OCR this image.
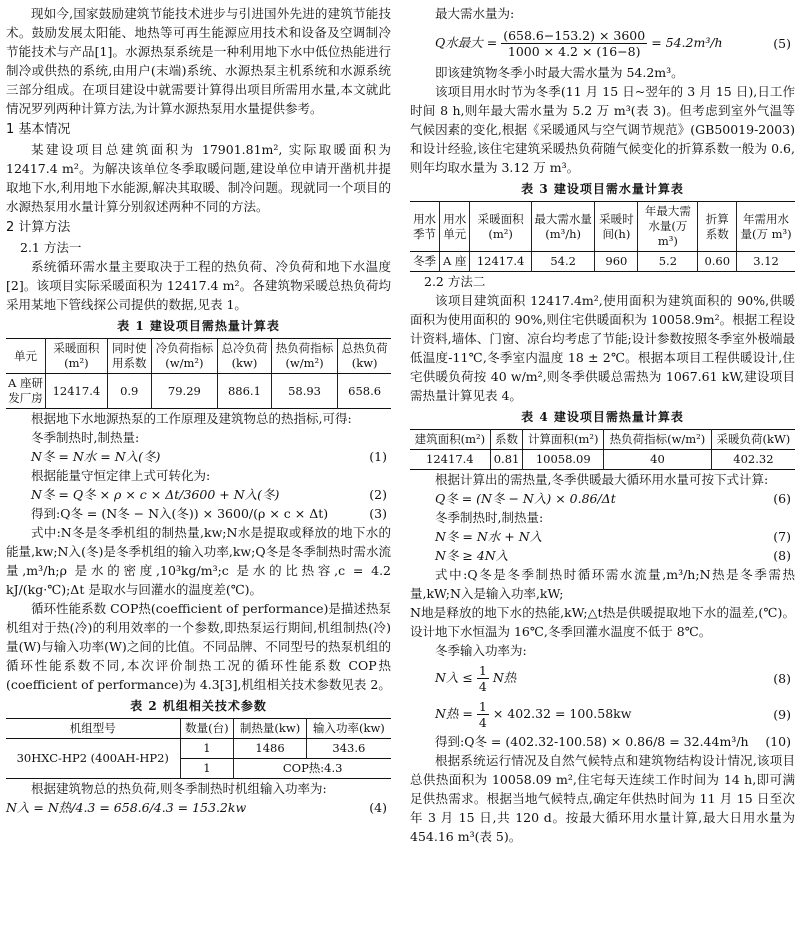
现如今,国家鼓励建筑节能技术进步与引进国外先进的建筑节能技术。鼓励发展太阳能、地热等可再生能源应用技术和设备及空调制冷节能技术与产品[1]。水源热泵系统是一种利用地下水中低位热能进行制冷或供热的系统,由用户(末端)系统、水源热泵主机系统和水源系统三部分组成。在项目建设中就需要计算得出项目所需用水量,本文就此情况罗列两种计算方法,为计算水源热泵用水量提供参考。

1 基本情况

某建设项目总建筑面积为 17901.81m², 实际取暖面积为 12417.4 m²。为解决该单位冬季取暖问题,建设单位申请开凿机井提取地下水,利用地下水能源,解决其取暖、制冷问题。现就同一个项目的水源热泵用水量计算分别叙述两种不同的方法。

2 计算方法
2.1 方法一

系统循环需水量主要取决于工程的热负荷、冷负荷和地下水温度[2]。该项目实际采暖面积为 12417.4 m²。各建筑物采暖总热负荷均采用某地下管线探公司提供的数据,见表 1。

表 1 建设项目需热量计算表
单元	采暖面积(m²)	同时使用系数	冷负荷指标(w/m²)	总冷负荷(kw)	热负荷指标(w/m²)	总热负荷(kw)
A 座研发厂房	12417.4	0.9	79.29	886.1	58.93	658.6

根据地下水地源热泵的工作原理及建筑物总的热指标,可得:

冬季制热时,制热量:

N冬 = N水 = N入(冬)	(1)

根据能量守恒定律上式可转化为:

N冬 = Q冬 × ρ × c × Δt/3600 + N入(冬)	(2)
得到:Q冬 = (N冬 − N入(冬)) × 3600/(ρ × c × Δt)	(3)

式中:N冬是冬季机组的制热量,kw;N水是提取或释放的地下水的能量,kw;N入(冬)是冬季机组的输入功率,kw;Q冬是冬季制热时需水流量,m³/h;ρ 是水的密度,10³kg/m³;c 是水的比热容,c = 4.2 kJ/(kg·℃);Δt 是取水与回灌水的温度差(℃)。

循环性能系数 COP热(coefficient of performance)是描述热泵机组对于热(冷)的利用效率的一个参数,即热泵运行期间,机组制热(冷)量(W)与输入功率(W)之间的比值。不同品牌、不同型号的热泵机组的循环性能系数不同,本次评价制热工况的循环性能系数 COP热(coefficient of performance)为 4.3[3],机组相关技术参数见表 2。

表 2 机组相关技术参数
机组型号	数量(台)	制热量(kw)	输入功率(kw)
30HXC-HP2 (400AH-HP2)	1	1486	343.6
	1	COP热:4.3	

根据建筑物总的热负荷,则冬季制热时机组输入功率为:

N入 = N热/4.3 = 658.6/4.3 = 153.2kw	(4)

最大需水量为:

Q水最大 = $\frac{(658.6-153.2) \times 3600}{1000 \times 4.2 \times (16-8)} = 54.2m^3/h$	(5)

即该建筑物冬季小时最大需水量为 54.2m³。

该项目用水时节为冬季(11 月 15 日~翌年的 3 月 15 日),日工作时间 8 h,则年最大需水量为 5.2 万 m³(表 3)。但考虑到室外气温等气候因素的变化,根据《采暖通风与空气调节规范》(GB50019-2003)和设计经验,该住宅建筑采暖热负荷随气候变化的折算系数一般为 0.6,则年均取水量为 3.12 万 m³。

表 3 建设项目需水量计算表
用水季节	用水单元	采暖面积(m²)	最大需水量(m³/h)	采暖时间(h)	年最大需水量(万 m³)	折算系数	年需用水量(万 m³)
冬季	A 座	12417.4	54.2	960	5.2	0.60	3.12
2.2 方法二

该项目建筑面积 12417.4m²,使用面积为建筑面积的 90%,供暖面积为使用面积的 90%,则住宅供暖面积为 10058.9m²。根据工程设计资料,墙体、门窗、凉台均考虑了节能;设计参数按照冬季室外极端最低温度-11℃,冬季室内温度 18 ± 2℃。根据本项目工程供暖设计,住宅供暖负荷按 40 w/m²,则冬季供暖总需热为 1067.61 kW,建设项目需热量计算见表 4。

表 4 建设项目需热量计算表
建筑面积(m²)	系数	计算面积(m²)	热负荷指标(w/m²)	采暖负荷(kW)
12417.4	0.81	10058.09	40	402.32

根据计算出的需热量,冬季供暖最大循环用水量可按下式计算:

Q冬 = (N冬 − N入) × 0.86/Δt	(6)

冬季制热时,制热量:

N冬 = N水 + N入	(7)
N冬 ≥ 4N入	(8)

式中:Q冬是冬季制热时循环需水流量,m³/h;N热是冬季需热量,kW;N入是输入功率,kW;

N地是释放的地下水的热能,kW;△t热是供暖提取地下水的温差,(℃)。设计地下水恒温为 16℃,冬季回灌水温度不低于 8℃。

冬季输入功率为:

N入 ≤ $\frac{1}{4}$ N热	(8)
N热 = $\frac{1}{4} \times 402.32 = 100.58kw$	(9)
得到:Q冬 = (402.32-100.58) × 0.86/8 = 32.44m³/h (10)

根据系统运行情况及自然气候特点和建筑物结构设计情况,该项目总供热面积为 10058.09 m²,住宅每天连续工作时间为 14 h,即可满足供热需求。根据当地气候特点,确定年供热时间为 11 月 15 日至次年 3 月 15 日,共 120 d。按最大循环用水量计算,最大日用水量为 454.16 m³(表 5)。
